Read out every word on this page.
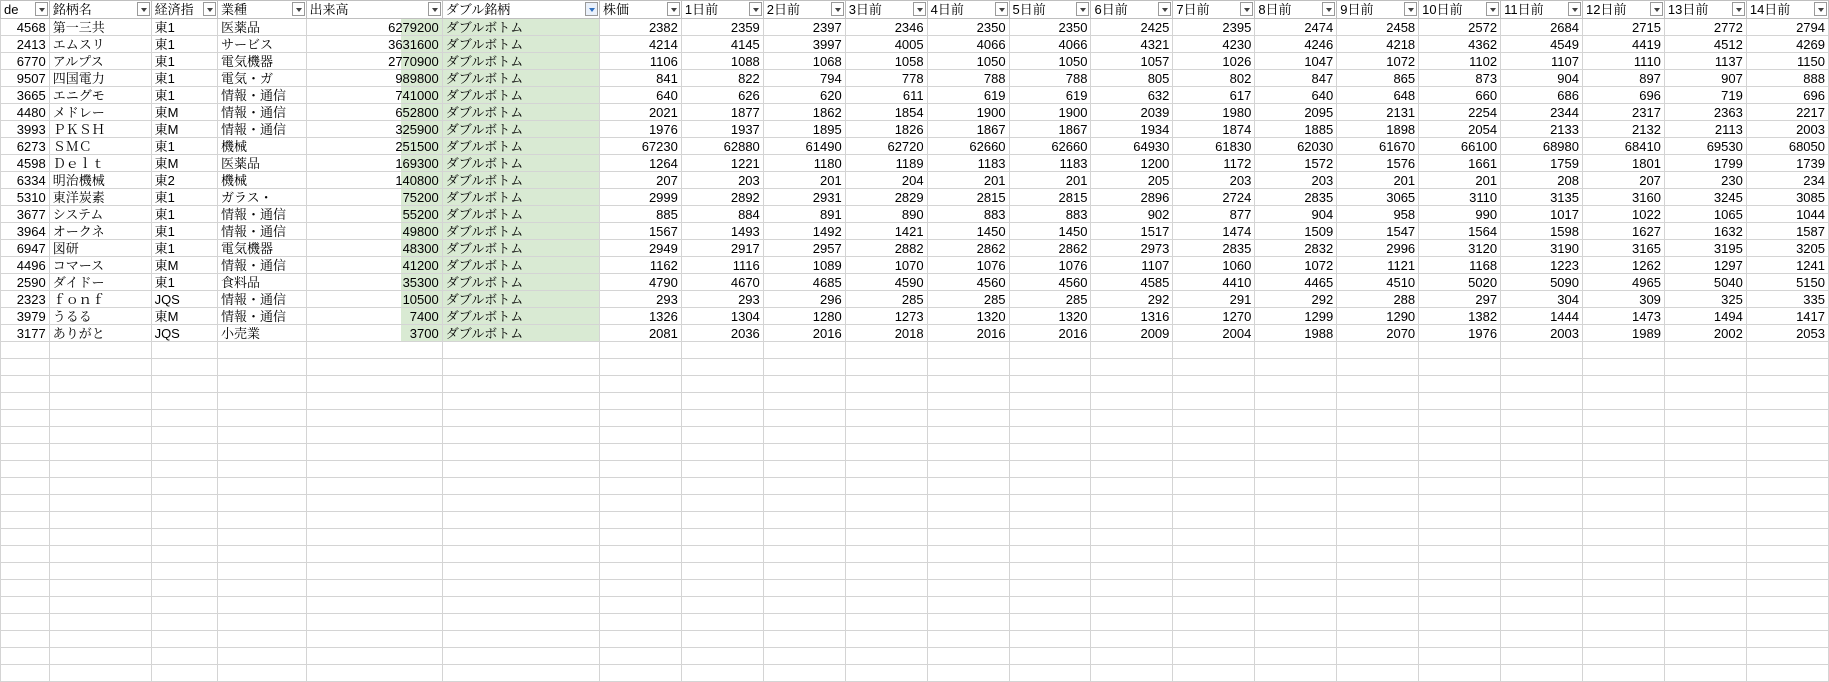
de	銘柄名	経済指	業種	出来高	ダブル銘柄	株価	1日前	2日前	3日前	4日前	5日前	6日前	7日前	8日前	9日前	10日前	11日前	12日前	13日前	14日前

4568	第一三共	東1	医薬品	6279200	ダブルボトム	2382	2359	2397	2346	2350	2350	2425	2395	2474	2458	2572	2684	2715	2772	2794
2413	エムスリ	東1	サービス	3631600	ダブルボトム	4214	4145	3997	4005	4066	4066	4321	4230	4246	4218	4362	4549	4419	4512	4269
6770	アルプス	東1	電気機器	2770900	ダブルボトム	1106	1088	1068	1058	1050	1050	1057	1026	1047	1072	1102	1107	1110	1137	1150
9507	四国電力	東1	電気・ガ	989800	ダブルボトム	841	822	794	778	788	788	805	802	847	865	873	904	897	907	888
3665	エニグモ	東1	情報・通信	741000	ダブルボトム	640	626	620	611	619	619	632	617	640	648	660	686	696	719	696
4480	メドレー	東M	情報・通信	652800	ダブルボトム	2021	1877	1862	1854	1900	1900	2039	1980	2095	2131	2254	2344	2317	2363	2217
3993	ＰＫＳＨ	東M	情報・通信	325900	ダブルボトム	1976	1937	1895	1826	1867	1867	1934	1874	1885	1898	2054	2133	2132	2113	2003
6273	ＳＭＣ	東1	機械	251500	ダブルボトム	67230	62880	61490	62720	62660	62660	64930	61830	62030	61670	66100	68980	68410	69530	68050
4598	Ｄｅｌｔ	東M	医薬品	169300	ダブルボトム	1264	1221	1180	1189	1183	1183	1200	1172	1572	1576	1661	1759	1801	1799	1739
6334	明治機械	東2	機械	140800	ダブルボトム	207	203	201	204	201	201	205	203	203	201	201	208	207	230	234
5310	東洋炭素	東1	ガラス・	75200	ダブルボトム	2999	2892	2931	2829	2815	2815	2896	2724	2835	3065	3110	3135	3160	3245	3085
3677	システム	東1	情報・通信	55200	ダブルボトム	885	884	891	890	883	883	902	877	904	958	990	1017	1022	1065	1044
3964	オークネ	東1	情報・通信	49800	ダブルボトム	1567	1493	1492	1421	1450	1450	1517	1474	1509	1547	1564	1598	1627	1632	1587
6947	図研	東1	電気機器	48300	ダブルボトム	2949	2917	2957	2882	2862	2862	2973	2835	2832	2996	3120	3190	3165	3195	3205
4496	コマース	東M	情報・通信	41200	ダブルボトム	1162	1116	1089	1070	1076	1076	1107	1060	1072	1121	1168	1223	1262	1297	1241
2590	ダイドー	東1	食料品	35300	ダブルボトム	4790	4670	4685	4590	4560	4560	4585	4410	4465	4510	5020	5090	4965	5040	5150
2323	ｆｏｎｆ	JQS	情報・通信	10500	ダブルボトム	293	293	296	285	285	285	292	291	292	288	297	304	309	325	335
3979	うるる	東M	情報・通信	7400	ダブルボトム	1326	1304	1280	1273	1320	1320	1316	1270	1299	1290	1382	1444	1473	1494	1417
3177	ありがと	JQS	小売業	3700	ダブルボトム	2081	2036	2016	2018	2016	2016	2009	2004	1988	2070	1976	2003	1989	2002	2053
